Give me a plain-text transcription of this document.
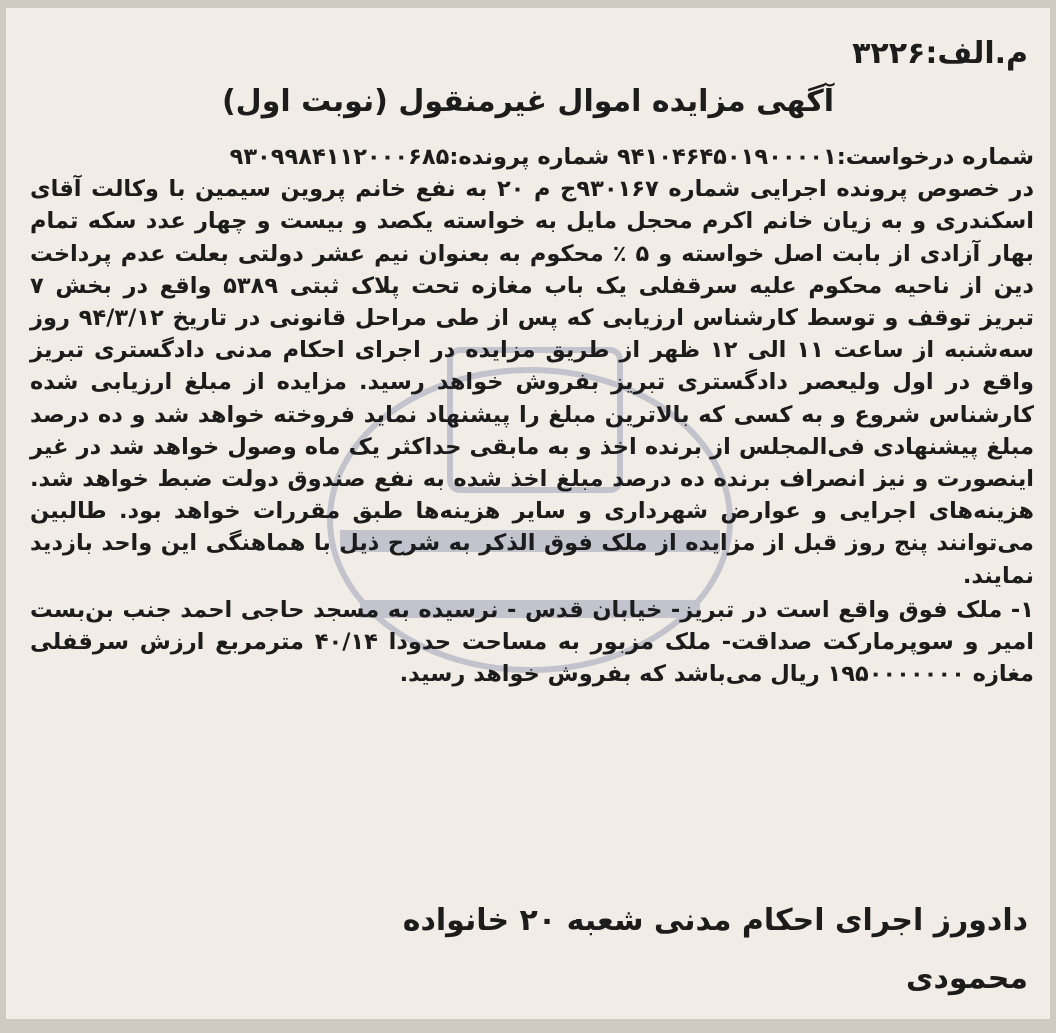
م.الف:۳۲۲۶
آگهی مزایده اموال غیرمنقول (نوبت اول)

شماره درخواست:۹۴۱۰۴۶۴۵۰۱۹۰۰۰۰۱ شماره پرونده:۹۳۰۹۹۸۴۱۱۲۰۰۰۶۸۵

در خصوص پرونده اجرایی شماره ۹۳۰۱۶۷ج م ۲۰ به نفع خانم پروین سیمین با وکالت آقای اسکندری و به زیان خانم اکرم محجل مایل به خواسته یکصد و بیست و چهار عدد سکه تمام بهار آزادی از بابت اصل خواسته و ۵ ٪ محکوم به بعنوان نیم عشر دولتی بعلت عدم پرداخت دین از ناحیه محکوم علیه سرقفلی یک باب مغازه تحت پلاک ثبتی ۵۳۸۹ واقع در بخش ۷ تبریز توقف و توسط کارشناس ارزیابی که پس از طی مراحل قانونی در تاریخ ۹۴/۳/۱۲ روز سه‌شنبه از ساعت ۱۱ الی ۱۲ ظهر از طریق مزایده در اجرای احکام مدنی دادگستری تبریز واقع در اول ولیعصر دادگستری تبریز بفروش خواهد رسید. مزایده از مبلغ ارزیابی شده کارشناس شروع و به کسی که بالاترین مبلغ را پیشنهاد نماید فروخته خواهد شد و ده درصد مبلغ پیشنهادی فی‌المجلس از برنده اخذ و به مابقی حداکثر یک ماه وصول خواهد شد در غیر اینصورت و نیز انصراف برنده ده درصد مبلغ اخذ شده به نفع صندوق دولت ضبط خواهد شد. هزینه‌های اجرایی و عوارض شهرداری و سایر هزینه‌ها طبق مقررات خواهد بود. طالبین می‌توانند پنج روز قبل از مزایده از ملک فوق الذکر به شرح ذیل با هماهنگی این واحد بازدید نمایند.

۱- ملک فوق واقع است در تبریز- خیابان قدس - نرسیده به مسجد حاجی احمد جنب بن‌بست امیر و سوپرمارکت صداقت- ملک مزبور به مساحت حدودا ۴۰/۱۴ مترمربع ارزش سرقفلی مغازه ۱۹۵۰۰۰۰۰۰۰ ریال می‌باشد که بفروش خواهد رسید.

دادورز اجرای احکام مدنی شعبه ۲۰ خانواده
محمودی
